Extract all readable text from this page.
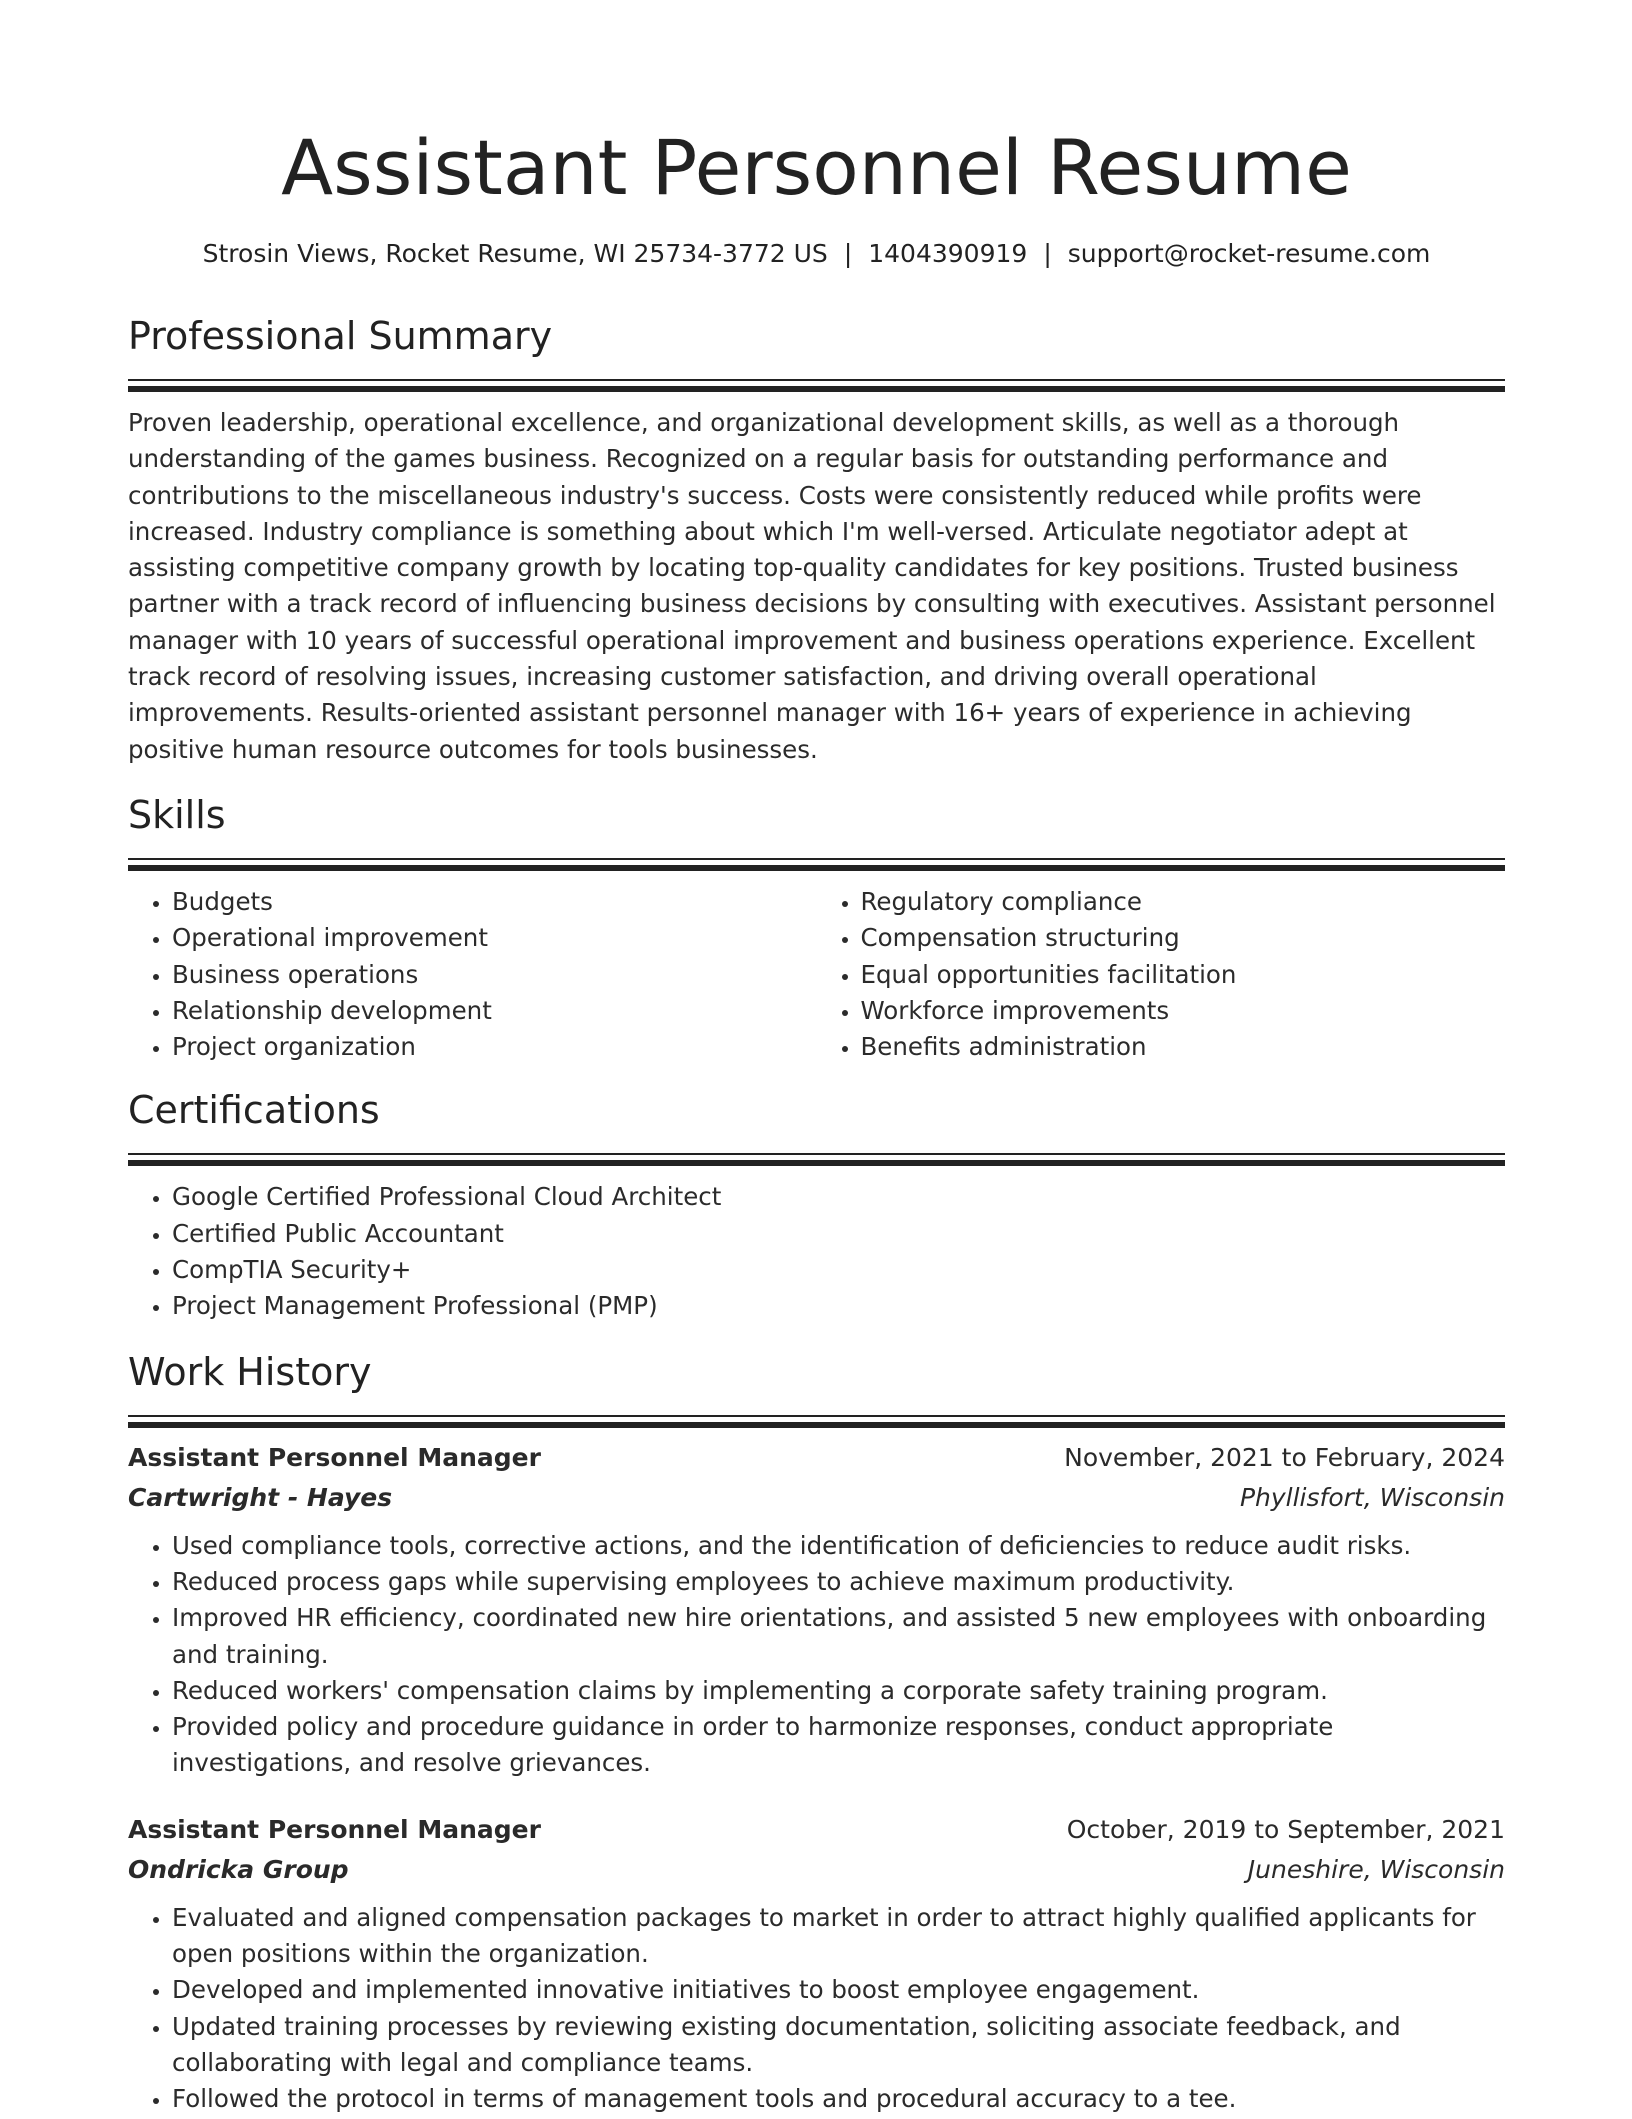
Assistant Personnel Resume
Strosin Views, Rocket Resume, WI 25734-3772 US | 1404390919 | support@rocket-resume.com
Professional Summary

Proven leadership, operational excellence, and organizational development skills, as well as a thorough understanding of the games business. Recognized on a regular basis for outstanding performance and contributions to the miscellaneous industry's success. Costs were consistently reduced while profits were increased. Industry compliance is something about which I'm well-versed. Articulate negotiator adept at assisting competitive company growth by locating top-quality candidates for key positions. Trusted business partner with a track record of influencing business decisions by consulting with executives. Assistant personnel manager with 10 years of successful operational improvement and business operations experience. Excellent track record of resolving issues, increasing customer satisfaction, and driving overall operational improvements. Results-oriented assistant personnel manager with 16+ years of experience in achieving positive human resource outcomes for tools businesses.

Skills
• Budgets
• Operational improvement
• Business operations
• Relationship development
• Project organization
• Regulatory compliance
• Compensation structuring
• Equal opportunities facilitation
• Workforce improvements
• Benefits administration
Certifications
• Google Certified Professional Cloud Architect
• Certified Public Accountant
• CompTIA Security+
• Project Management Professional (PMP)
Work History
Assistant Personnel Manager	November, 2021 to February, 2024
Cartwright - Hayes	Phyllisfort, Wisconsin
• Used compliance tools, corrective actions, and the identification of deficiencies to reduce audit risks.
• Reduced process gaps while supervising employees to achieve maximum productivity.
• Improved HR efficiency, coordinated new hire orientations, and assisted 5 new employees with onboarding and training.
• Reduced workers' compensation claims by implementing a corporate safety training program.
• Provided policy and procedure guidance in order to harmonize responses, conduct appropriate investigations, and resolve grievances.
Assistant Personnel Manager	October, 2019 to September, 2021
Ondricka Group	Juneshire, Wisconsin
• Evaluated and aligned compensation packages to market in order to attract highly qualified applicants for open positions within the organization.
• Developed and implemented innovative initiatives to boost employee engagement.
• Updated training processes by reviewing existing documentation, soliciting associate feedback, and collaborating with legal and compliance teams.
• Followed the protocol in terms of management tools and procedural accuracy to a tee.
